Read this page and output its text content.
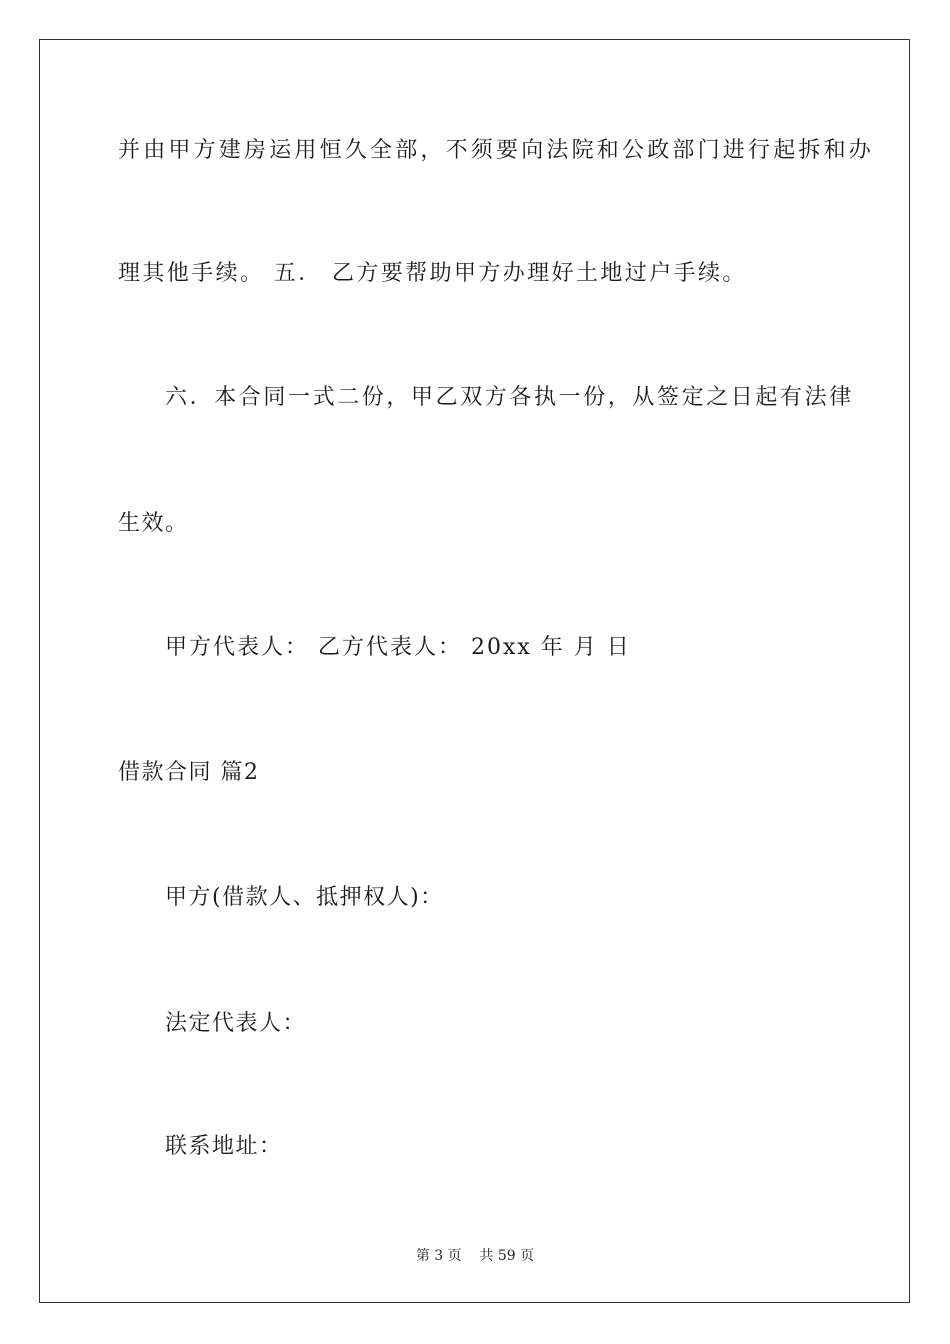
并由甲方建房运用恒久全部，不须要向法院和公政部门进行起拆和办
理其他手续。 五． 乙方要帮助甲方办理好土地过户手续。
六．本合同一式二份，甲乙双方各执一份，从签定之日起有法律
生效。
甲方代表人： 乙方代表人： 20xx 年 月 日
借款合同 篇2
甲方(借款人、抵押权人)：
法定代表人：
联系地址：
第 3 页    共 59 页
